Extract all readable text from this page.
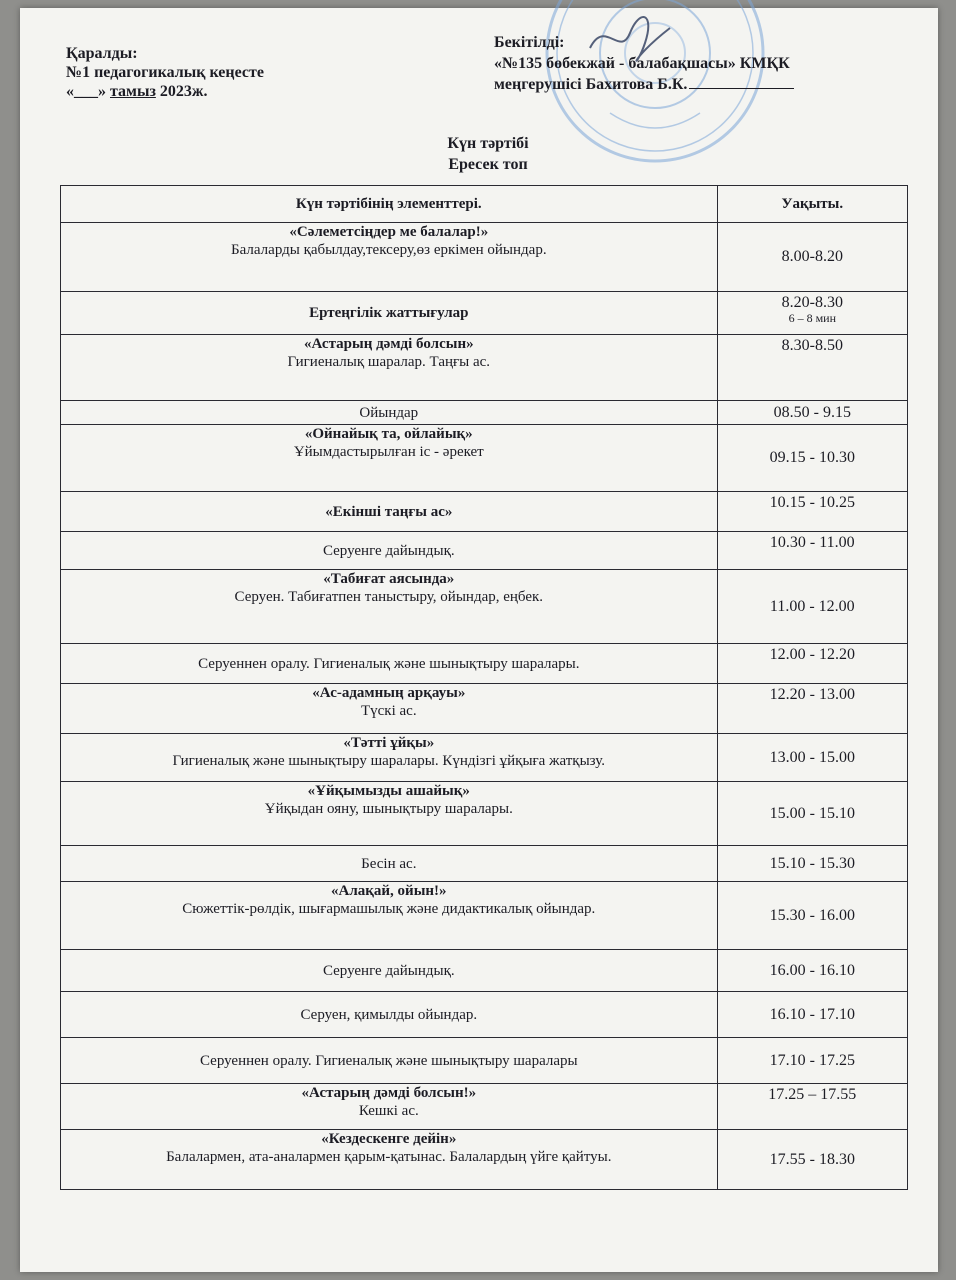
Қаралды:
№1 педагогикалық кеңесте
«___» тамыз 2023ж.
Бекітілді:
«№135 бөбекжай - балабақшасы» КМҚК
меңгерушісі Бахитова Б.К.
Күн тәртібі
Ересек топ
Күн тәртібінің элементтері.	Уақыты.

«Сәлеметсіңдер ме балалар!»
Балаларды қабылдау,тексеру,өз еркімен ойындар.	8.00-8.20

Ертеңгілік жаттығулар	8.20-8.30
6 – 8 мин

«Астарың дәмді болсын»
Гигиеналық шаралар. Таңғы ас.	8.30-8.50

Ойындар	08.50 - 9.15

«Ойнайық та, ойлайық»
Ұйымдастырылған іс - әрекет	09.15 - 10.30

«Екінші таңғы ас»	10.15 - 10.25

Серуенге дайындық.	10.30 - 11.00

«Табиғат аясында»
Серуен. Табиғатпен таныстыру, ойындар, еңбек.	11.00 - 12.00

Серуеннен оралу. Гигиеналық және шынықтыру шаралары.	12.00 - 12.20

«Ас-адамның арқауы»
Түскі ас.	12.20 - 13.00

«Тәтті ұйқы»
Гигиеналық және шынықтыру шаралары. Күндізгі ұйқыға жатқызу.	13.00 - 15.00

«Ұйқымызды ашайық»
Ұйқыдан ояну, шынықтыру шаралары.	15.00 - 15.10

Бесін ас.	15.10 - 15.30

«Алақай, ойын!»
Сюжеттік-рөлдік, шығармашылық және дидактикалық ойындар.	15.30 - 16.00

Серуенге дайындық.	16.00 - 16.10

Серуен, қимылды ойындар.	16.10 - 17.10

Серуеннен оралу. Гигиеналық және шынықтыру шаралары	17.10 - 17.25

«Астарың дәмді болсын!»
Кешкі ас.	17.25 – 17.55

«Кездескенге дейін»
Балалармен, ата-аналармен қарым-қатынас. Балалардың үйге қайтуы.	17.55 - 18.30
